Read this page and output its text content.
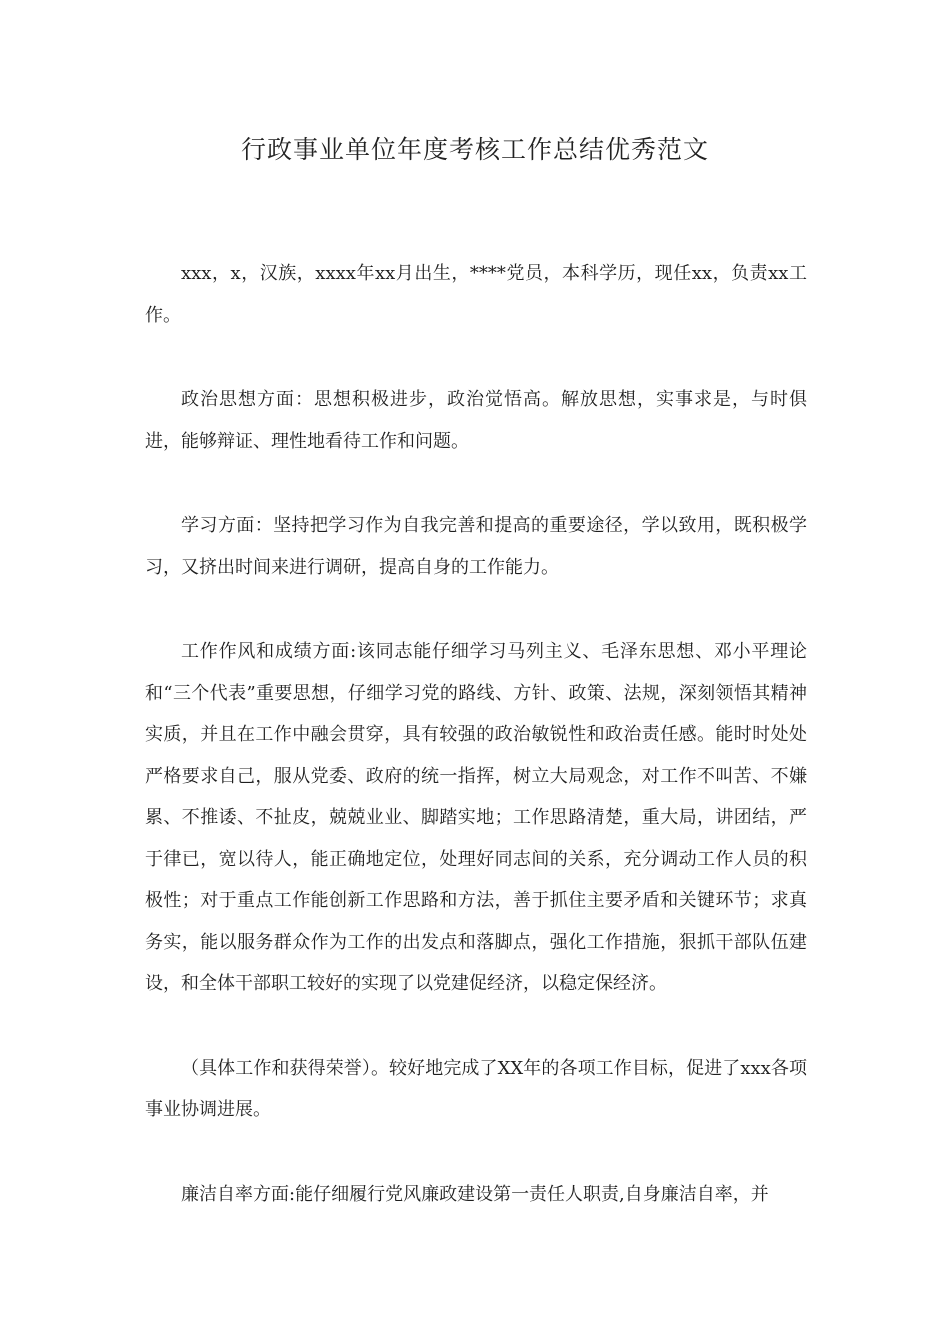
行政事业单位年度考核工作总结优秀范文

xxx，x，汉族，xxxx年xx月出生，****党员，本科学历，现任xx，负责xx工作。

政治思想方面：思想积极进步，政治觉悟高。解放思想，实事求是，与时俱进，能够辩证、理性地看待工作和问题。

学习方面：坚持把学习作为自我完善和提高的重要途径，学以致用，既积极学习，又挤出时间来进行调研，提高自身的工作能力。

工作作风和成绩方面:该同志能仔细学习马列主义、毛泽东思想、邓小平理论和“三个代表”重要思想，仔细学习党的路线、方针、政策、法规，深刻领悟其精神实质，并且在工作中融会贯穿，具有较强的政治敏锐性和政治责任感。能时时处处严格要求自己，服从党委、政府的统一指挥，树立大局观念，对工作不叫苦、不嫌累、不推诿、不扯皮，兢兢业业、脚踏实地；工作思路清楚，重大局，讲团结，严于律已，宽以待人，能正确地定位，处理好同志间的关系，充分调动工作人员的积极性；对于重点工作能创新工作思路和方法，善于抓住主要矛盾和关键环节；求真务实，能以服务群众作为工作的出发点和落脚点，强化工作措施，狠抓干部队伍建设，和全体干部职工较好的实现了以党建促经济，以稳定保经济。

（具体工作和获得荣誉）。较好地完成了XX年的各项工作目标，促进了xxx各项事业协调进展。

廉洁自率方面:能仔细履行党风廉政建设第一责任人职责,自身廉洁自率，并
